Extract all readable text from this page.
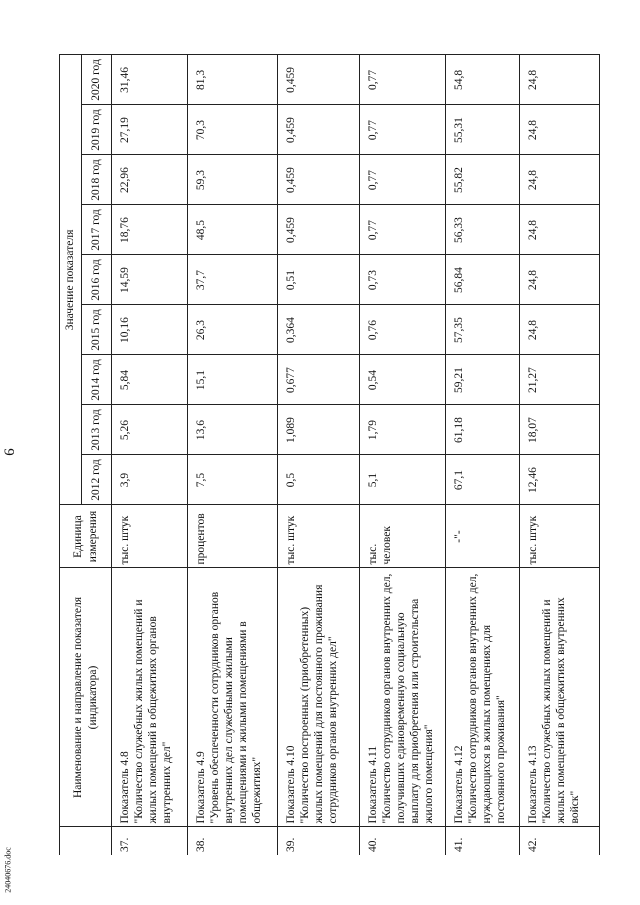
9
	Наименование и направление показателя (индикатора)	Единица измерения	Значение показателя								
			2012 год	2013 год	2014 год	2015 год	2016 год	2017 год	2018 год	2019 год	2020 год
37.	Показатель 4.8 "Количество служебных жилых помещений и жилых помещений в общежитиях органов внутренних дел"	тыс. штук	3,9	5,26	5,84	10,16	14,59	18,76	22,96	27,19	31,46
38.	Показатель 4.9 "Уровень обеспеченности сотрудников органов внутренних дел служебными жилыми помещениями и жилыми помещениями в общежитиях"	процентов	7,5	13,6	15,1	26,3	37,7	48,5	59,3	70,3	81,3
39.	Показатель 4.10 "Количество построенных (приобретенных) жилых помещений для постоянного проживания сотрудников органов внутренних дел"	тыс. штук	0,5	1,089	0,677	0,364	0,51	0,459	0,459	0,459	0,459
40.	Показатель 4.11 "Количество сотрудников органов внутренних дел, получивших единовременную социальную выплату для приобретения или строительства жилого помещения"	тыс. человек	5,1	1,79	0,54	0,76	0,73	0,77	0,77	0,77	0,77
41.	Показатель 4.12 "Количество сотрудников органов внутренних дел, нуждающихся в жилых помещениях для постоянного проживания"	-"-	67,1	61,18	59,21	57,35	56,84	56,33	55,82	55,31	54,8
42.	Показатель 4.13 "Количество служебных жилых помещений и жилых помещений в общежитиях внутренних войск"	тыс. штук	12,46	18,07	21,27	24,8	24,8	24,8	24,8	24,8	24,8
24040676.doc
